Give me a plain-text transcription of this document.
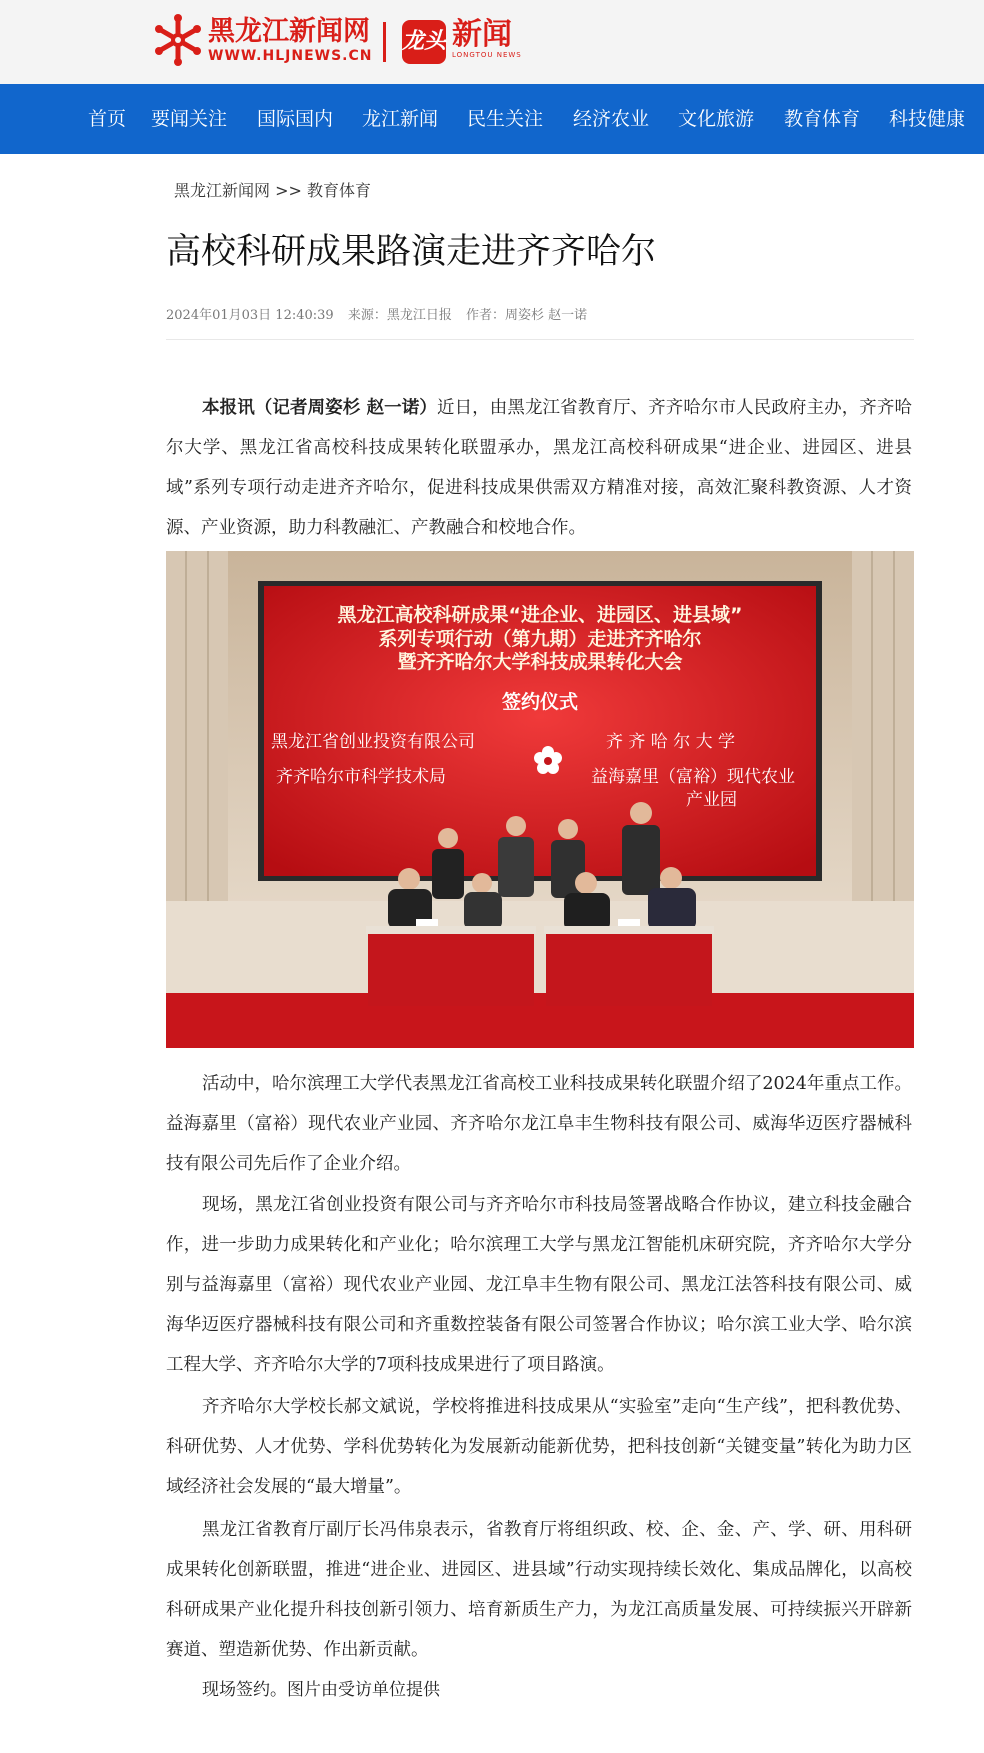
黑龙江新闻网
WWW.HLJNEWS.CN
龙头 新闻
LONGTOU NEWS
首页 要闻关注 国际国内 龙江新闻 民生关注 经济农业 文化旅游 教育体育 科技健康
黑龙江新闻网 >> 教育体育
高校科研成果路演走进齐齐哈尔
2024年01月03日 12:40:39 来源：黑龙江日报 作者：周姿杉 赵一诺

本报讯（记者周姿杉 赵一诺）近日，由黑龙江省教育厅、齐齐哈尔市人民政府主办，齐齐哈尔大学、黑龙江省高校科技成果转化联盟承办，黑龙江高校科研成果“进企业、进园区、进县域”系列专项行动走进齐齐哈尔，促进科技成果供需双方精准对接，高效汇聚科教资源、人才资源、产业资源，助力科教融汇、产教融合和校地合作。

黑龙江高校科研成果“进企业、进园区、进县域”
系列专项行动（第九期）走进齐齐哈尔
暨齐齐哈尔大学科技成果转化大会
签约仪式
黑龙江省创业投资有限公司
齐齐哈尔市科学技术局
齐 齐 哈 尔 大 学
益海嘉里（富裕）现代农业
产业园

活动中，哈尔滨理工大学代表黑龙江省高校工业科技成果转化联盟介绍了2024年重点工作。益海嘉里（富裕）现代农业产业园、齐齐哈尔龙江阜丰生物科技有限公司、威海华迈医疗器械科技有限公司先后作了企业介绍。

现场，黑龙江省创业投资有限公司与齐齐哈尔市科技局签署战略合作协议，建立科技金融合作，进一步助力成果转化和产业化；哈尔滨理工大学与黑龙江智能机床研究院，齐齐哈尔大学分别与益海嘉里（富裕）现代农业产业园、龙江阜丰生物有限公司、黑龙江法答科技有限公司、威海华迈医疗器械科技有限公司和齐重数控装备有限公司签署合作协议；哈尔滨工业大学、哈尔滨工程大学、齐齐哈尔大学的7项科技成果进行了项目路演。

齐齐哈尔大学校长郝文斌说，学校将推进科技成果从“实验室”走向“生产线”，把科教优势、科研优势、人才优势、学科优势转化为发展新动能新优势，把科技创新“关键变量”转化为助力区域经济社会发展的“最大增量”。

黑龙江省教育厅副厅长冯伟泉表示，省教育厅将组织政、校、企、金、产、学、研、用科研成果转化创新联盟，推进“进企业、进园区、进县域”行动实现持续长效化、集成品牌化，以高校科研成果产业化提升科技创新引领力、培育新质生产力，为龙江高质量发展、可持续振兴开辟新赛道、塑造新优势、作出新贡献。

现场签约。图片由受访单位提供
